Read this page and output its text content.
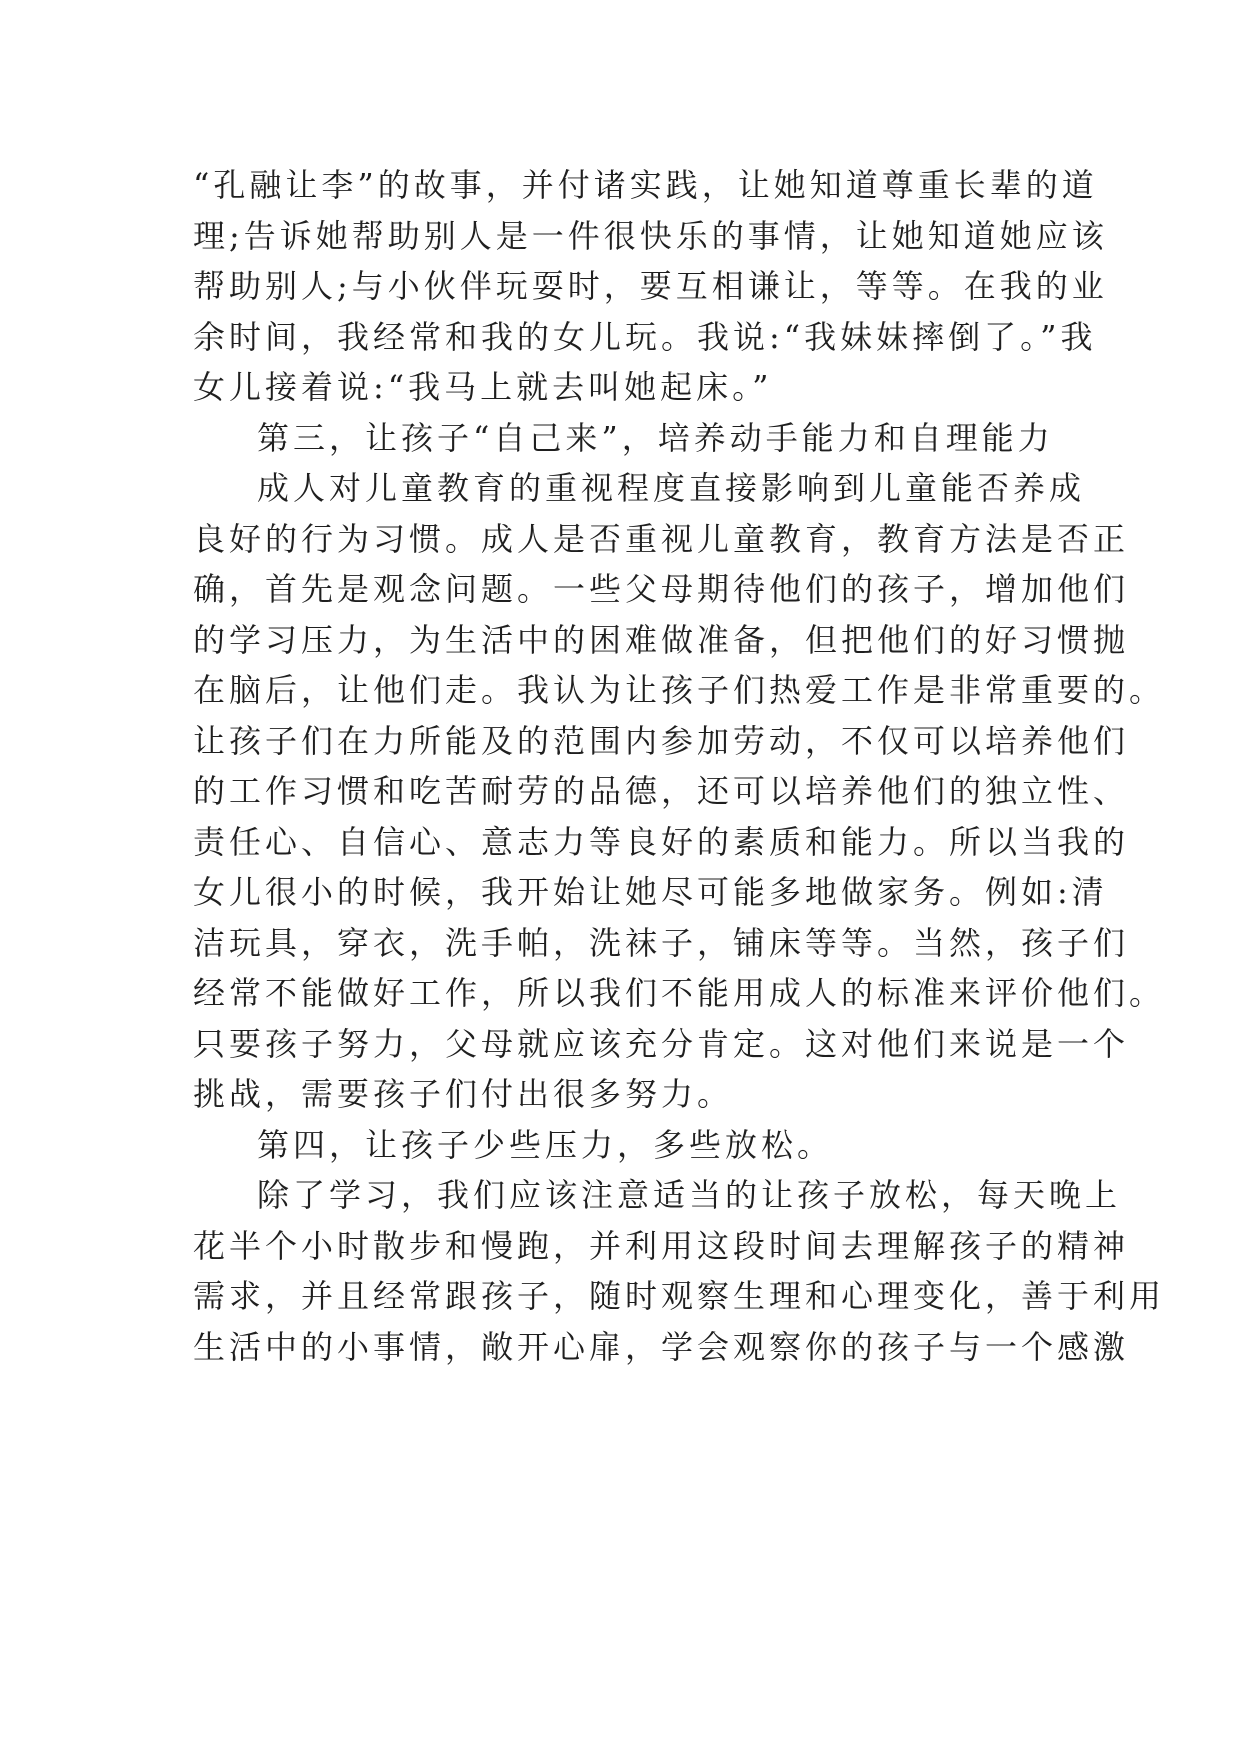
“孔融让李”的故事，并付诸实践，让她知道尊重长辈的道
理;告诉她帮助别人是一件很快乐的事情，让她知道她应该
帮助别人;与小伙伴玩耍时，要互相谦让，等等。在我的业
余时间，我经常和我的女儿玩。我说:“我妹妹摔倒了。”我
女儿接着说:“我马上就去叫她起床。”
第三，让孩子“自己来”，培养动手能力和自理能力
成人对儿童教育的重视程度直接影响到儿童能否养成
良好的行为习惯。成人是否重视儿童教育，教育方法是否正
确，首先是观念问题。一些父母期待他们的孩子，增加他们
的学习压力，为生活中的困难做准备，但把他们的好习惯抛
在脑后，让他们走。我认为让孩子们热爱工作是非常重要的。
让孩子们在力所能及的范围内参加劳动，不仅可以培养他们
的工作习惯和吃苦耐劳的品德，还可以培养他们的独立性、
责任心、自信心、意志力等良好的素质和能力。所以当我的
女儿很小的时候，我开始让她尽可能多地做家务。例如:清
洁玩具，穿衣，洗手帕，洗袜子，铺床等等。当然，孩子们
经常不能做好工作，所以我们不能用成人的标准来评价他们。
只要孩子努力，父母就应该充分肯定。这对他们来说是一个
挑战，需要孩子们付出很多努力。
第四，让孩子少些压力，多些放松。
除了学习，我们应该注意适当的让孩子放松，每天晚上
花半个小时散步和慢跑，并利用这段时间去理解孩子的精神
需求，并且经常跟孩子，随时观察生理和心理变化，善于利用
生活中的小事情，敞开心扉，学会观察你的孩子与一个感激
